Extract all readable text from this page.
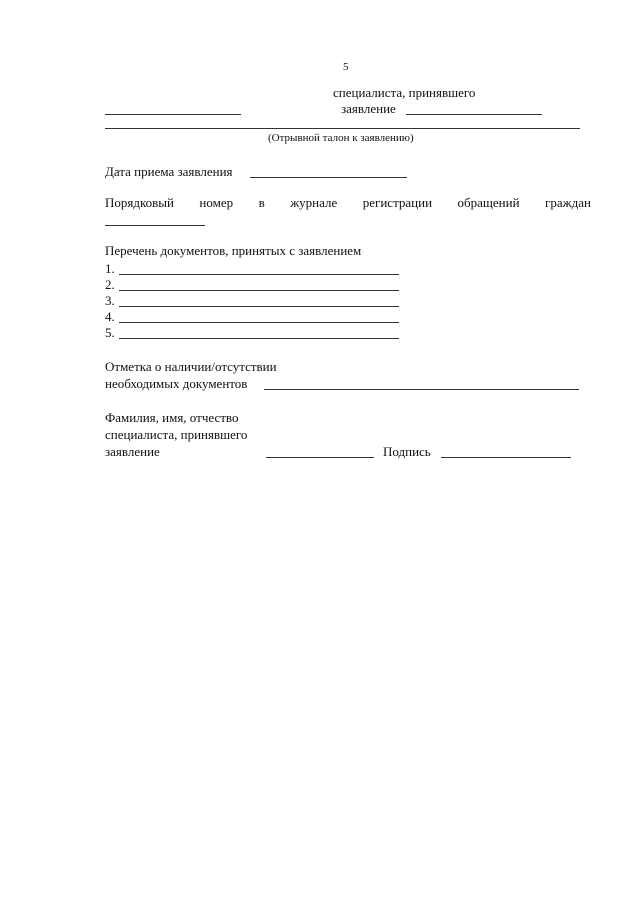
5
специалиста, принявшего
заявление
(Отрывной талон к заявлению)
Дата приема заявления
Порядковый номер в журнале регистрации обращений граждан
Перечень документов, принятых с заявлением
1.
2.
3.
4.
5.
Отметка о наличии/отсутствии
необходимых документов
Фамилия, имя, отчество
специалиста, принявшего
заявление	Подпись
